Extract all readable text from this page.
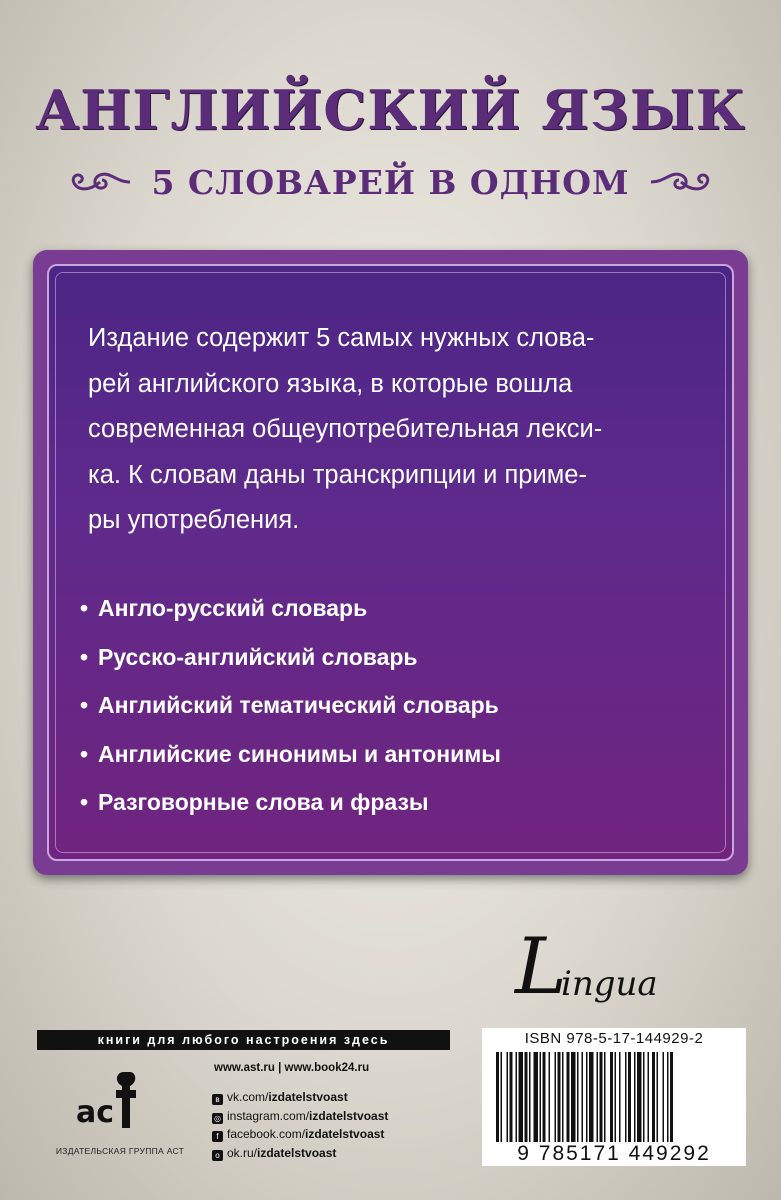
АНГЛИЙСКИЙ ЯЗЫК
5 СЛОВАРЕЙ В ОДНОМ
Издание содержит 5 самых нужных слова-
рей английского языка, в которые вошла
современная общеупотребительная лекси-
ка. К словам даны транскрипции и приме-
ры употребления.
• Англо-русский словарь
• Русско-английский словарь
• Английский тематический словарь
• Английские синонимы и антонимы
• Разговорные слова и фразы
L
ingua
книги для любого настроения здесь
ac
ИЗДАТЕЛЬСКАЯ ГРУППА АСТ
www.ast.ru | www.book24.ru
в vk.com/izdatelstvoast
◎ instagram.com/izdatelstvoast
f facebook.com/izdatelstvoast
o ok.ru/izdatelstvoast
ISBN 978-5-17-144929-2
9 785171 449292
